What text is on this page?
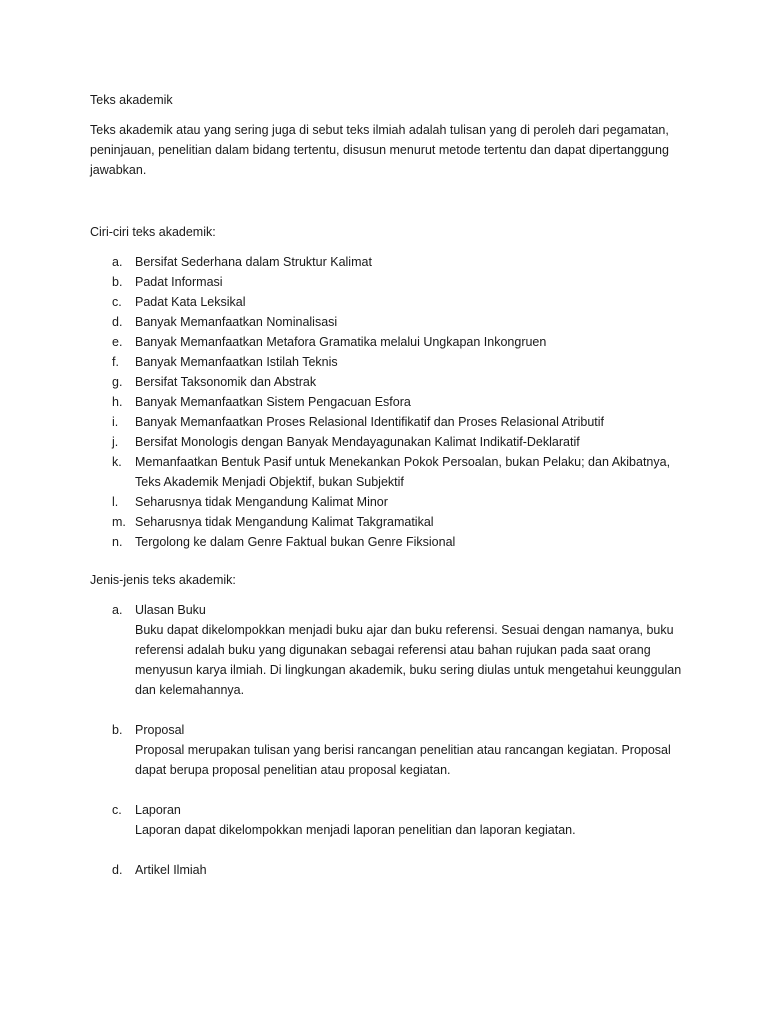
Teks akademik

Teks akademik atau yang sering juga di sebut teks ilmiah adalah tulisan yang di peroleh dari pegamatan, peninjauan, penelitian dalam bidang tertentu, disusun menurut metode tertentu dan dapat dipertanggung jawabkan.

Ciri-ciri teks akademik:
a. Bersifat Sederhana dalam Struktur Kalimat
b. Padat Informasi
c. Padat Kata Leksikal
d. Banyak Memanfaatkan Nominalisasi
e. Banyak Memanfaatkan Metafora Gramatika melalui Ungkapan Inkongruen
f. Banyak Memanfaatkan Istilah Teknis
g. Bersifat Taksonomik dan Abstrak
h. Banyak Memanfaatkan Sistem Pengacuan Esfora
i. Banyak Memanfaatkan Proses Relasional Identifikatif dan Proses Relasional Atributif
j. Bersifat Monologis dengan Banyak Mendayagunakan Kalimat Indikatif-Deklaratif
k. Memanfaatkan Bentuk Pasif untuk Menekankan Pokok Persoalan, bukan Pelaku; dan Akibatnya, Teks Akademik Menjadi Objektif, bukan Subjektif
l. Seharusnya tidak Mengandung Kalimat Minor
m. Seharusnya tidak Mengandung Kalimat Takgramatikal
n. Tergolong ke dalam Genre Faktual bukan Genre Fiksional
Jenis-jenis teks akademik:
a. Ulasan Buku
Buku dapat dikelompokkan menjadi buku ajar dan buku referensi. Sesuai dengan namanya, buku referensi adalah buku yang digunakan sebagai referensi atau bahan rujukan pada saat orang menyusun karya ilmiah. Di lingkungan akademik, buku sering diulas untuk mengetahui keunggulan dan kelemahannya.
b. Proposal
Proposal merupakan tulisan yang berisi rancangan penelitian atau rancangan kegiatan. Proposal dapat berupa proposal penelitian atau proposal kegiatan.
c. Laporan
Laporan dapat dikelompokkan menjadi laporan penelitian dan laporan kegiatan.
d. Artikel Ilmiah
